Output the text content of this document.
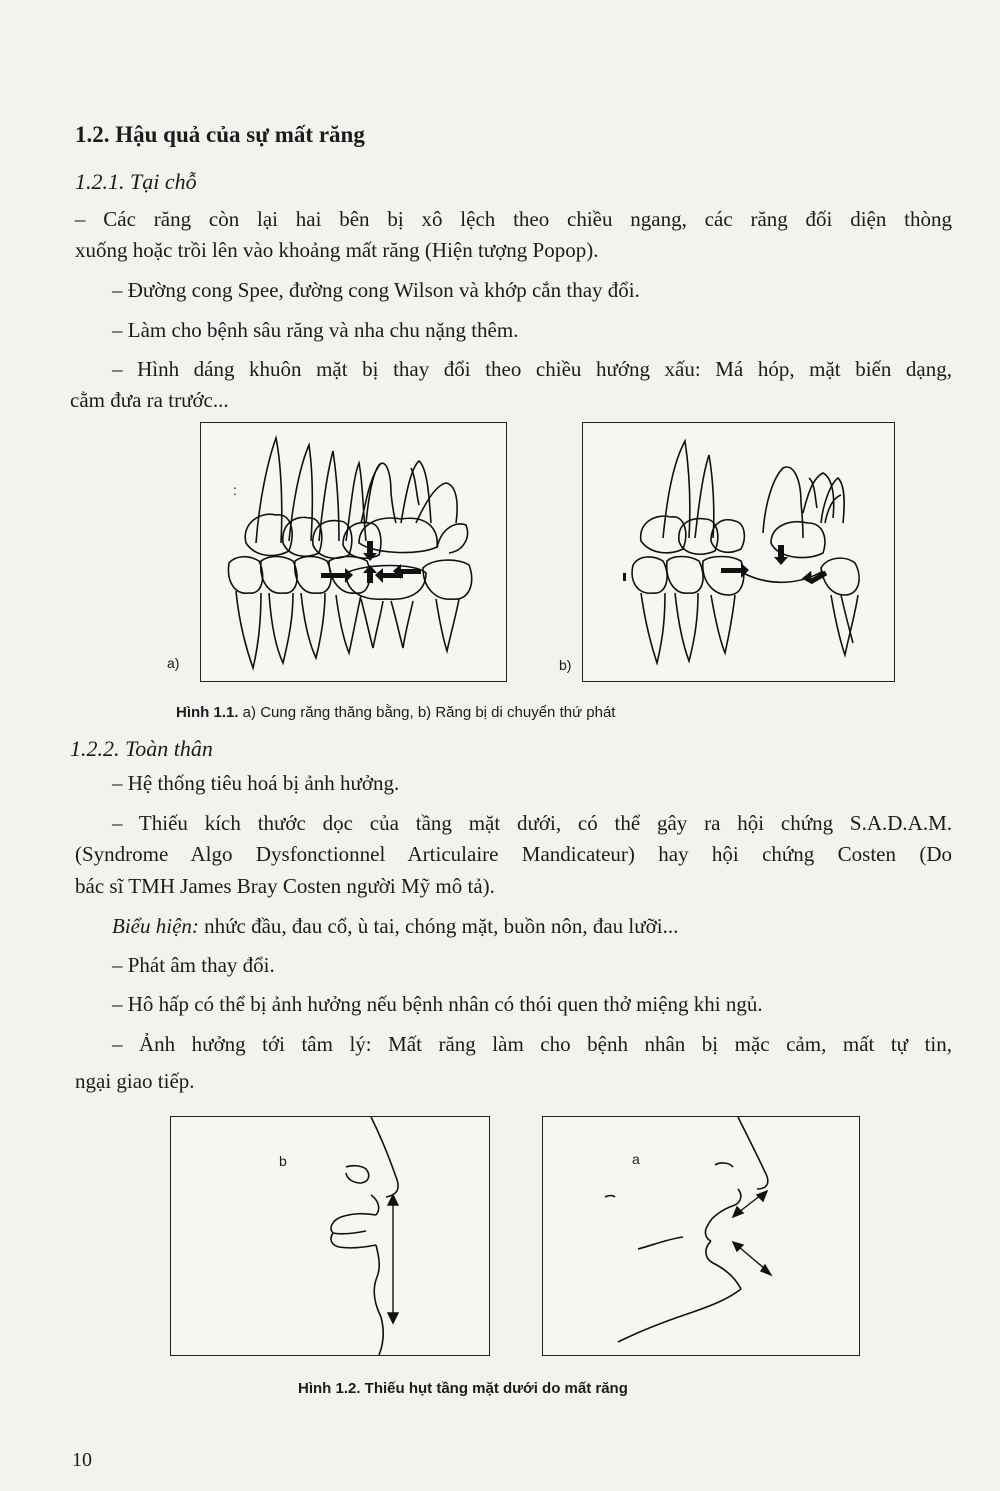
1.2. Hậu quả của sự mất răng
1.2.1. Tại chỗ
– Các răng còn lại hai bên bị xô lệch theo chiều ngang, các răng đối diện thòng
xuống hoặc trồi lên vào khoảng mất răng (Hiện tượng Popop).
– Đường cong Spee, đường cong Wilson và khớp cắn thay đổi.
– Làm cho bệnh sâu răng và nha chu nặng thêm.
– Hình dáng khuôn mặt bị thay đổi theo chiều hướng xấu: Má hóp, mặt biến dạng,
cằm đưa ra trước...
:
a)	b)
Hình 1.1. a) Cung răng thăng bằng, b) Răng bị di chuyển thứ phát
1.2.2. Toàn thân
– Hệ thống tiêu hoá bị ảnh hưởng.
– Thiếu kích thước dọc của tầng mặt dưới, có thể gây ra hội chứng S.A.D.A.M.
(Syndrome Algo Dysfonctionnel Articulaire Mandicateur) hay hội chứng Costen (Do
bác sĩ TMH James Bray Costen người Mỹ mô tả).
Biểu hiện: nhức đầu, đau cổ, ù tai, chóng mặt, buồn nôn, đau lưỡi...
– Phát âm thay đổi.
– Hô hấp có thể bị ảnh hưởng nếu bệnh nhân có thói quen thở miệng khi ngủ.
– Ảnh hưởng tới tâm lý: Mất răng làm cho bệnh nhân bị mặc cảm, mất tự tin,
ngại giao tiếp.
b	a
Hình 1.2. Thiếu hụt tầng mặt dưới do mất răng
10
